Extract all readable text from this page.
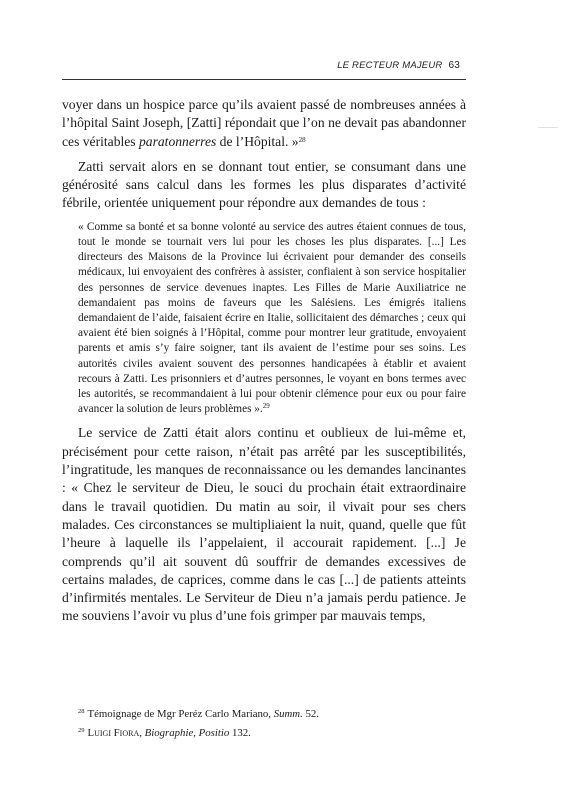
LE RECTEUR MAJEUR 63

voyer dans un hospice parce qu’ils avaient passé de nombreuses années à l’hôpital Saint Joseph, [Zatti] répondait que l’on ne devait pas abandonner ces véritables paratonnerres de l’Hôpital. »$^{28}$

Zatti servait alors en se donnant tout entier, se consumant dans une générosité sans calcul dans les formes les plus disparates d’activité fébrile, orientée uniquement pour répondre aux demandes de tous :

« Comme sa bonté et sa bonne volonté au service des autres étaient connues de tous, tout le monde se tournait vers lui pour les choses les plus disparates. [...] Les directeurs des Maisons de la Province lui écrivaient pour demander des conseils médicaux, lui envoyaient des confrères à assister, confiaient à son service hospitalier des personnes de service devenues inaptes. Les Filles de Marie Auxiliatrice ne demandaient pas moins de faveurs que les Salésiens. Les émigrés italiens demandaient de l’aide, faisaient écrire en Italie, sollicitaient des démarches ; ceux qui avaient été bien soignés à l’Hôpital, comme pour montrer leur gratitude, envoyaient parents et amis s’y faire soigner, tant ils avaient de l’estime pour ses soins. Les autorités civiles avaient souvent des personnes handicapées à établir et avaient recours à Zatti. Les prisonniers et d’autres personnes, le voyant en bons termes avec les autorités, se recommandaient à lui pour obtenir clémence pour eux ou pour faire avancer la solution de leurs problèmes ».$^{29}$

Le service de Zatti était alors continu et oublieux de lui-même et, précisément pour cette raison, n’était pas arrêté par les susceptibilités, l’ingratitude, les manques de reconnaissance ou les demandes lancinantes : « Chez le serviteur de Dieu, le souci du prochain était extraordinaire dans le travail quotidien. Du matin au soir, il vivait pour ses chers malades. Ces circonstances se multipliaient la nuit, quand, quelle que fût l’heure à laquelle ils l’appelaient, il accourait rapidement. [...] Je comprends qu’il ait souvent dû souffrir de demandes excessives de certains malades, de caprices, comme dans le cas [...] de patients atteints d’infirmités mentales. Le Serviteur de Dieu n’a jamais perdu patience. Je me souviens l’avoir vu plus d’une fois grimper par mauvais temps,

$^{28}$ Témoignage de Mgr Peréz Carlo Mariano, Summ. 52.
$^{29}$ Luigi Fiora, Biographie, Positio 132.
